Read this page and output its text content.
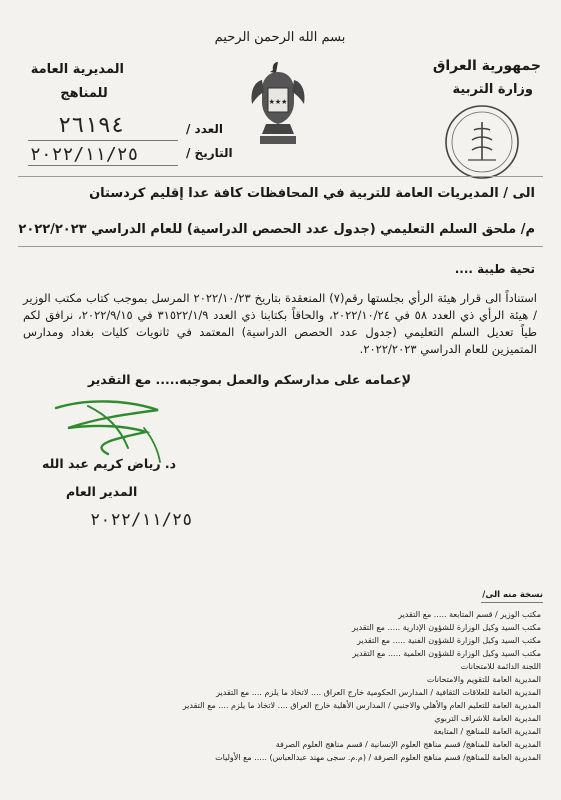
بسم الله الرحمن الرحيم
جمهورية العراق
وزارة التربية
المديرية العامة
للمناهج
العدد /
التاريخ /
٢٦١٩٤
٢٠٢٢/١١/٢٥
★★★
الى / المديريات العامة للتربية في المحافظات كافة عدا إقليم كردستان
م/ ملحق السلم التعليمي (جدول عدد الحصص الدراسية) للعام الدراسي ٢٠٢٢/٢٠٢٣
تحية طيبة ....
استناداً الى قرار هيئة الرأي بجلستها رقم(٧) المنعقدة بتاريخ ٢٠٢٢/١٠/٢٣ المرسل بموجب كتاب مكتب الوزير / هيئة الرأي ذي العدد ٥٨ في ٢٠٢٢/١٠/٢٤، والحاقاً بكتابنا ذي العدد ٣١٥٢٢/١/٩ في ٢٠٢٢/٩/١٥، نرافق لكم طياً تعديل السلم التعليمي (جدول عدد الحصص الدراسية) المعتمد في ثانويات كليات بغداد ومدارس المتميزين للعام الدراسي ٢٠٢٢/٢٠٢٣.
لإعمامه على مدارسكم والعمل بموجبه..... مع التقدير
د. رياض كريم عبد الله
المدير العام
٢٠٢٢/١١/٢٥
نسخة منه الى/
مكتب الوزير / قسم المتابعة ..... مع التقدير
مكتب السيد وكيل الوزارة للشؤون الإدارية ..... مع التقدير
مكتب السيد وكيل الوزارة للشؤون الفنية ..... مع التقدير
مكتب السيد وكيل الوزارة للشؤون العلمية ..... مع التقدير
اللجنة الدائمة للامتحانات
المديرية العامة للتقويم والامتحانات
المديرية العامة للعلاقات الثقافية / المدارس الحكومية خارج العراق .... لاتخاذ ما يلزم .... مع التقدير
المديرية العامة للتعليم العام والأهلي والاجنبي / المدارس الأهلية خارج العراق .... لاتخاذ ما يلزم .... مع التقدير
المديرية العامة للاشراف التربوي
المديرية العامة للمناهج / المتابعة
المديرية العامة للمناهج/ قسم مناهج العلوم الإنسانية / قسم مناهج العلوم الصرفة
المديرية العامة للمناهج/ قسم مناهج العلوم الصرفة / (م.م. سجى مهند عبدالعباس) ..... مع الأوليات
